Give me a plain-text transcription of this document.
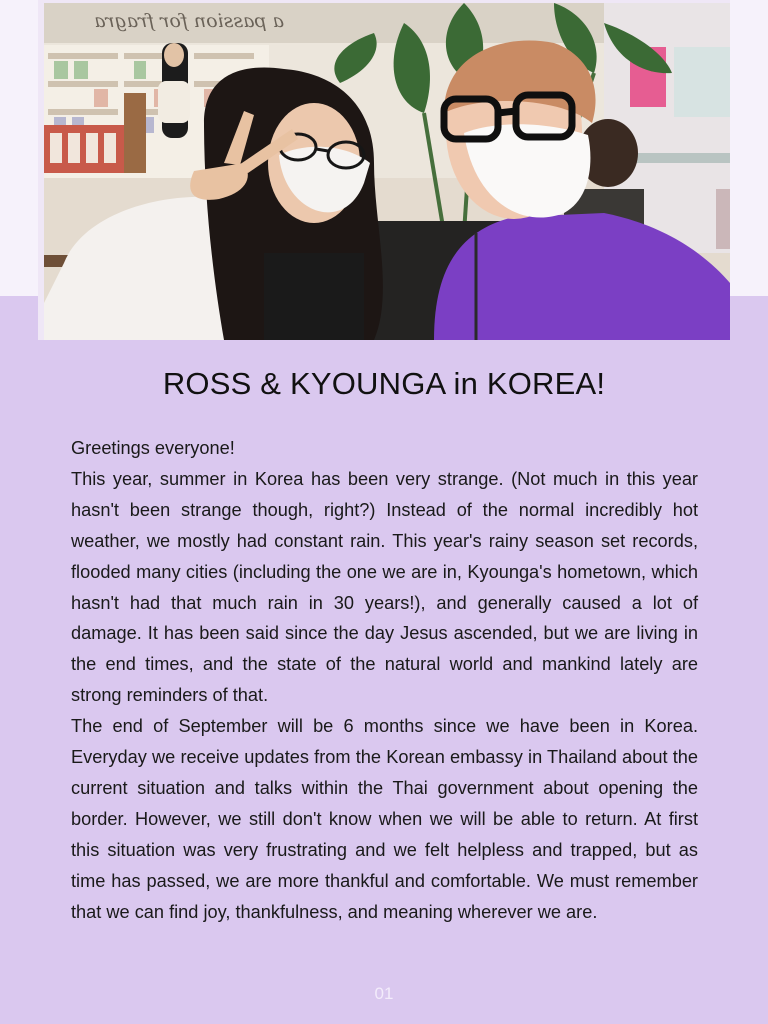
a passion for fragra
ROSS & KYOUNGA in KOREA!

Greetings everyone!

This year, summer in Korea has been very strange. (Not much in this year hasn't been strange though, right?) Instead of the normal incredibly hot weather, we mostly had constant rain. This year's rainy season set records, flooded many cities (including the one we are in, Kyounga's hometown, which hasn't had that much rain in 30 years!), and generally caused a lot of damage. It has been said since the day Jesus ascended, but we are living in the end times, and the state of the natural world and mankind lately are strong reminders of that.

The end of September will be 6 months since we have been in Korea. Everyday we receive updates from the Korean embassy in Thailand about the current situation and talks within the Thai government about opening the border. However, we still don't know when we will be able to return. At first this situation was very frustrating and we felt helpless and trapped, but as time has passed, we are more thankful and comfortable. We must remember that we can find joy, thankfulness, and meaning wherever we are.

01
